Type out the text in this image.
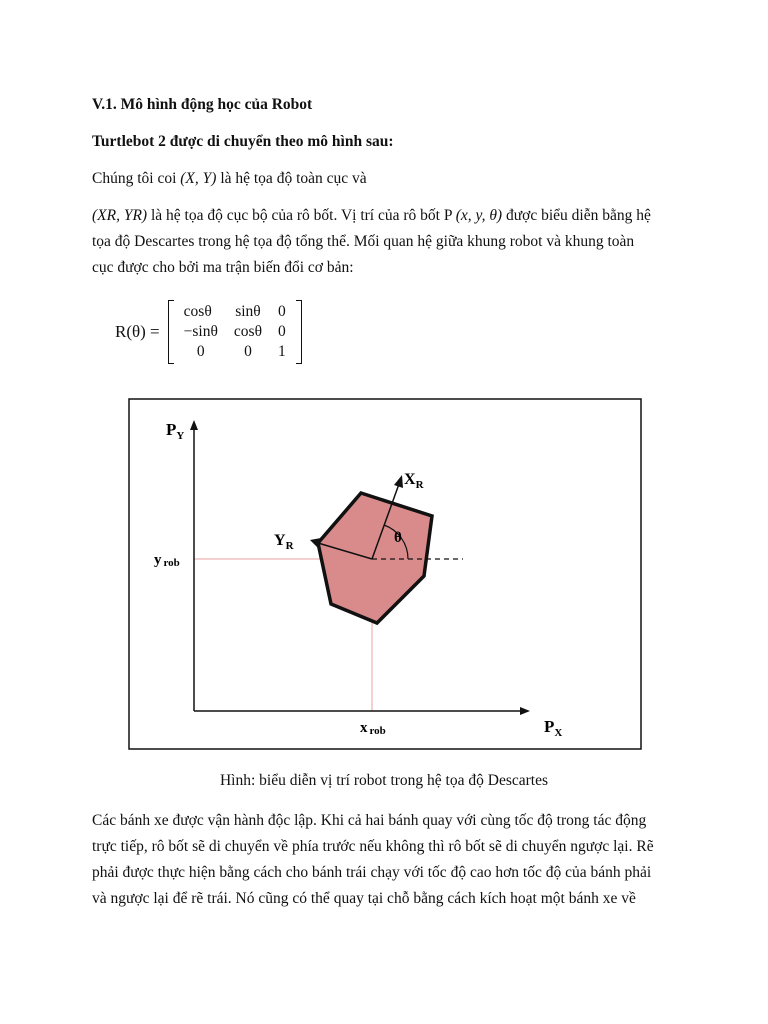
V.1. Mô hình động học của Robot
Turtlebot 2 được di chuyển theo mô hình sau:
Chúng tôi coi (X, Y) là hệ tọa độ toàn cục và
(XR, YR) là hệ tọa độ cục bộ của rô bốt. Vị trí của rô bốt P (x, y, θ) được biểu diễn bằng hệ
tọa độ Descartes trong hệ tọa độ tổng thể. Mối quan hệ giữa khung robot và khung toàn
cục được cho bởi ma trận biến đổi cơ bản:
R(θ) =
cosθ	sinθ	0
−sinθ	cosθ	0
0	0	1
$P_Y$
$P_X$
y rob
x rob
$X_R$
$Y_R$	θ
Hình: biểu diễn vị trí robot trong hệ tọa độ Descartes
Các bánh xe được vận hành độc lập. Khi cả hai bánh quay với cùng tốc độ trong tác động
trực tiếp, rô bốt sẽ di chuyển về phía trước nếu không thì rô bốt sẽ di chuyển ngược lại. Rẽ
phải được thực hiện bằng cách cho bánh trái chạy với tốc độ cao hơn tốc độ của bánh phải
và ngược lại để rẽ trái. Nó cũng có thể quay tại chỗ bằng cách kích hoạt một bánh xe về
